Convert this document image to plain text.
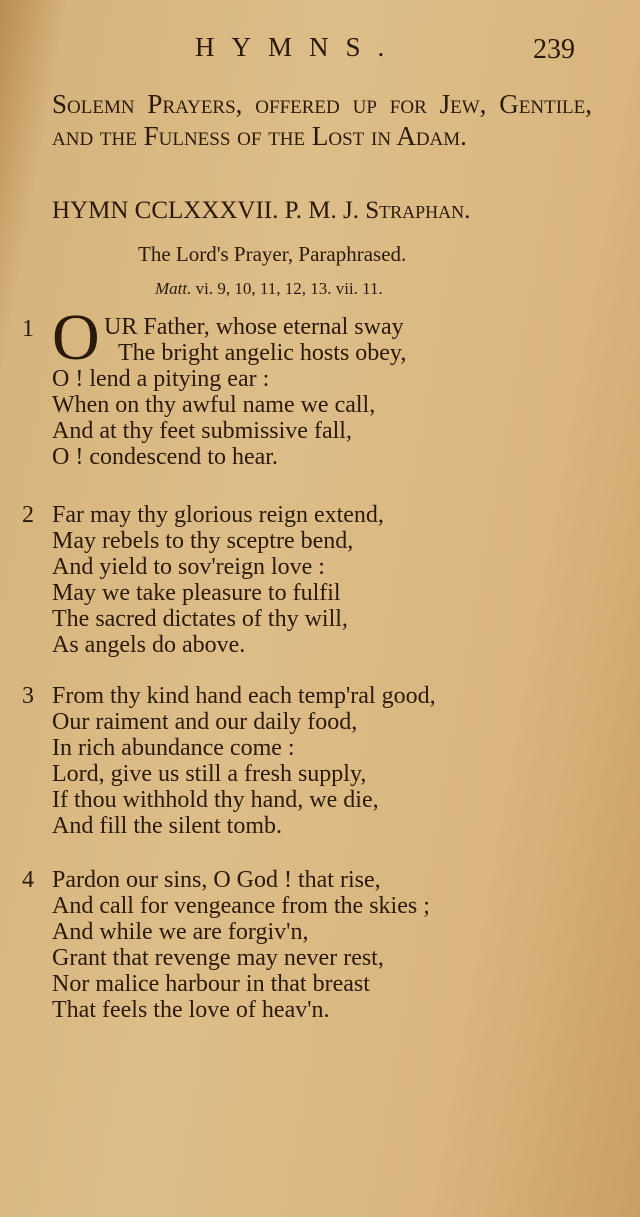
HYMNS.	239
Solemn Prayers, offered up for Jew, Gentile, and the Fulness of the Lost in Adam.
HYMN CCLXXXVII. P. M. J. Straphan.
The Lord's Prayer, Paraphrased.
Matt. vi. 9, 10, 11, 12, 13. vii. 11.
1 O UR Father, whose eternal sway
The bright angelic hosts obey,
O ! lend a pitying ear :
When on thy awful name we call,
And at thy feet submissive fall,
O ! condescend to hear.
2 Far may thy glorious reign extend,
May rebels to thy sceptre bend,
And yield to sov'reign love :
May we take pleasure to fulfil
The sacred dictates of thy will,
As angels do above.
3 From thy kind hand each temp'ral good,
Our raiment and our daily food,
In rich abundance come :
Lord, give us still a fresh supply,
If thou withhold thy hand, we die,
And fill the silent tomb.
4 Pardon our sins, O God ! that rise,
And call for vengeance from the skies ;
And while we are forgiv'n,
Grant that revenge may never rest,
Nor malice harbour in that breast
That feels the love of heav'n.
